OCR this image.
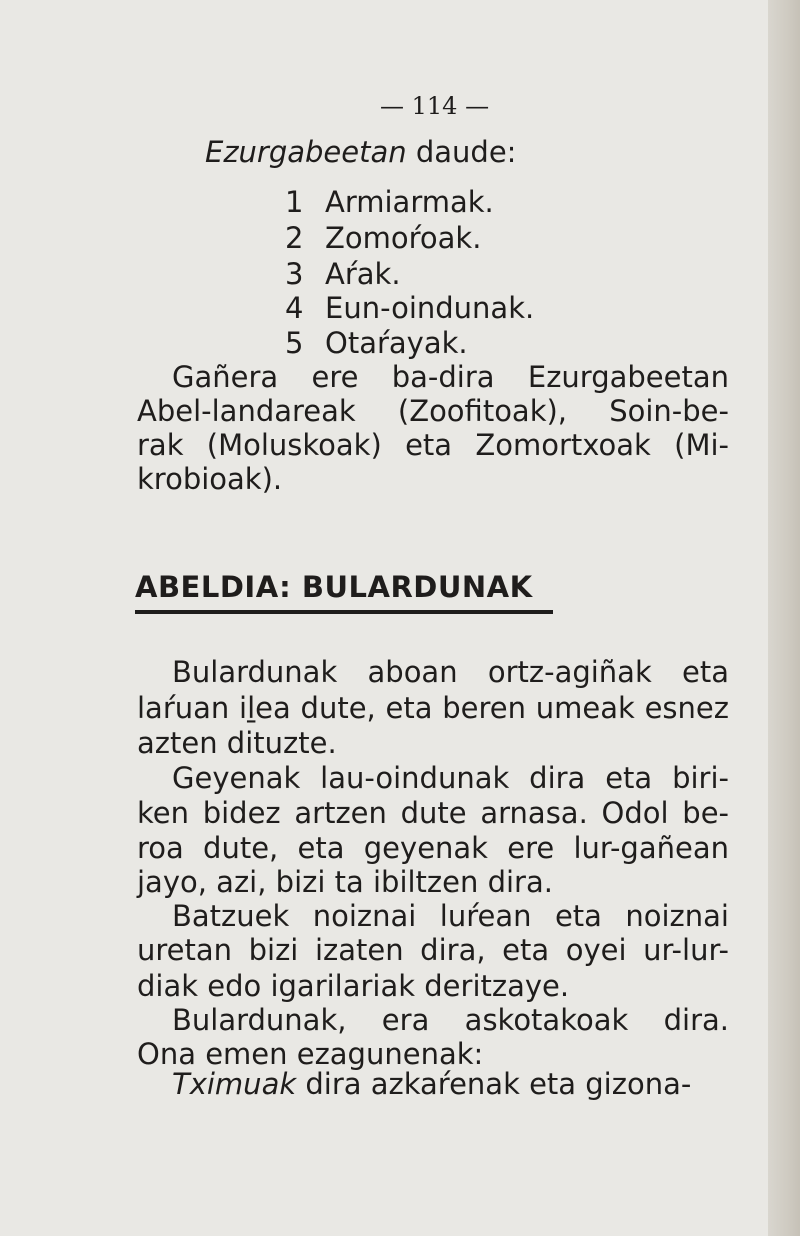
— 114 —
Ezurgabeetan daude:
1 Armiarmak.
2 Zomoŕoak.
3 Aŕak.
4 Eun-oindunak.
5 Otaŕayak.
Gañera ere ba-dira Ezurgabeetan
Abel-landareak (Zoofitoak), Soin-be-
rak (Moluskoak) eta Zomortxoak (Mi-
krobioak).
ABELDIA: BULARDUNAK
Bulardunak aboan ortz-agiñak eta
laŕuan iḻea dute, eta beren umeak esnez
azten dituzte.
Geyenak lau-oindunak dira eta biri-
ken bidez artzen dute arnasa. Odol be-
roa dute, eta geyenak ere lur-gañean
jayo, azi, bizi ta ibiltzen dira.
Batzuek noiznai luŕean eta noiznai
uretan bizi izaten dira, eta oyei ur-lur-
diak edo igarilariak deritzaye.
Bulardunak, era askotakoak dira.
Ona emen ezagunenak:
Tximuak dira azkaŕenak eta gizona-
